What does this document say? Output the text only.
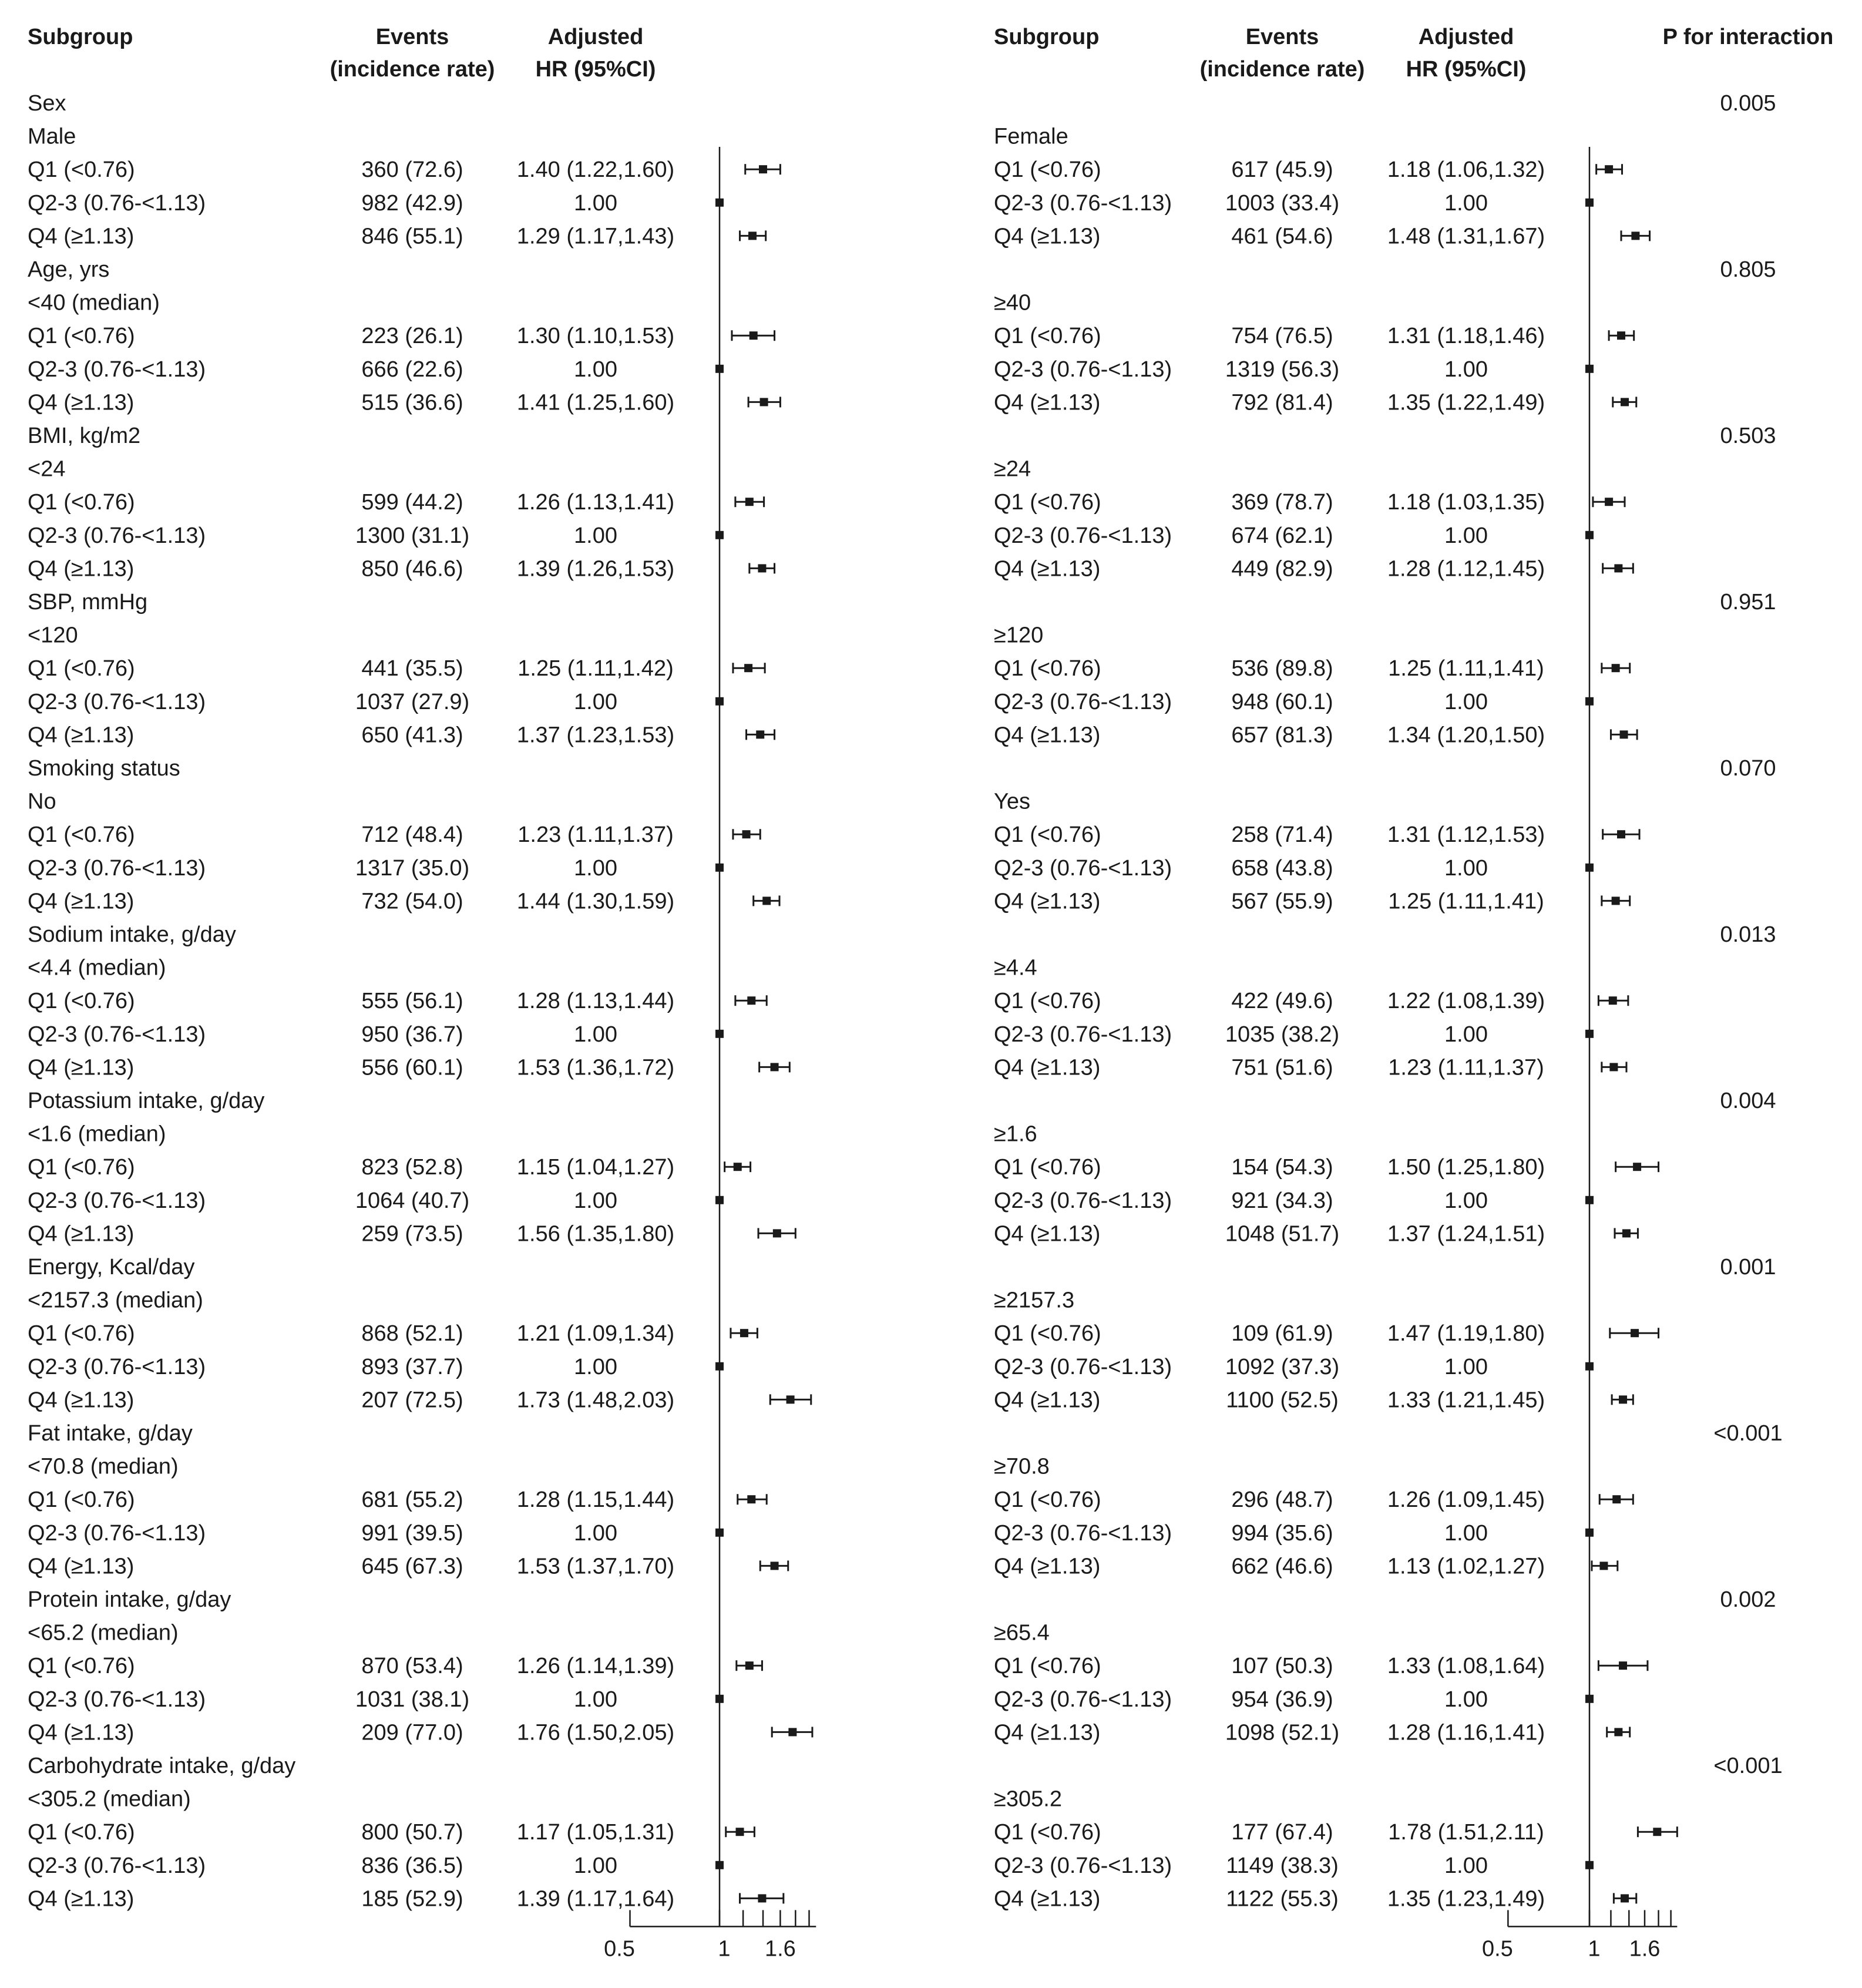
Subgroup	Events
(incidence rate)
Adjusted
HR (95%CI)
Subgroup	Events
(incidence rate)
Adjusted
HR (95%CI)
P for interaction
Sex	0.005
Male	Female
Q1 (<0.76)	360 (72.6) 1.40 (1.22,1.60)	Q1 (<0.76)	617 (45.9) 1.18 (1.06,1.32)
Q2-3 (0.76-<1.13)	982 (42.9)	1.00	Q2-3 (0.76-<1.13) 1003 (33.4)	1.00
Q4 (≥1.13)	846 (55.1) 1.29 (1.17,1.43)	Q4 (≥1.13)	461 (54.6) 1.48 (1.31,1.67)
Age, yrs	0.805
<40 (median)	≥40
Q1 (<0.76)	223 (26.1) 1.30 (1.10,1.53)	Q1 (<0.76)	754 (76.5) 1.31 (1.18,1.46)
Q2-3 (0.76-<1.13)	666 (22.6)	1.00	Q2-3 (0.76-<1.13) 1319 (56.3)	1.00
Q4 (≥1.13)	515 (36.6) 1.41 (1.25,1.60)	Q4 (≥1.13)	792 (81.4) 1.35 (1.22,1.49)
BMI, kg/m2	0.503
<24	≥24
Q1 (<0.76)	599 (44.2) 1.26 (1.13,1.41)	Q1 (<0.76)	369 (78.7) 1.18 (1.03,1.35)
Q2-3 (0.76-<1.13)	1300 (31.1)	1.00	Q2-3 (0.76-<1.13)	674 (62.1)	1.00
Q4 (≥1.13)	850 (46.6) 1.39 (1.26,1.53)	Q4 (≥1.13)	449 (82.9) 1.28 (1.12,1.45)
SBP, mmHg	0.951
<120	≥120
Q1 (<0.76)	441 (35.5) 1.25 (1.11,1.42)	Q1 (<0.76)	536 (89.8) 1.25 (1.11,1.41)
Q2-3 (0.76-<1.13)	1037 (27.9)	1.00	Q2-3 (0.76-<1.13)	948 (60.1)	1.00
Q4 (≥1.13)	650 (41.3) 1.37 (1.23,1.53)	Q4 (≥1.13)	657 (81.3) 1.34 (1.20,1.50)
Smoking status	0.070
No	Yes
Q1 (<0.76)	712 (48.4) 1.23 (1.11,1.37)	Q1 (<0.76)	258 (71.4) 1.31 (1.12,1.53)
Q2-3 (0.76-<1.13)	1317 (35.0)	1.00	Q2-3 (0.76-<1.13)	658 (43.8)	1.00
Q4 (≥1.13)	732 (54.0) 1.44 (1.30,1.59)	Q4 (≥1.13)	567 (55.9) 1.25 (1.11,1.41)
Sodium intake, g/day	0.013
<4.4 (median)	≥4.4
Q1 (<0.76)	555 (56.1) 1.28 (1.13,1.44)	Q1 (<0.76)	422 (49.6) 1.22 (1.08,1.39)
Q2-3 (0.76-<1.13)	950 (36.7)	1.00	Q2-3 (0.76-<1.13) 1035 (38.2)	1.00
Q4 (≥1.13)	556 (60.1) 1.53 (1.36,1.72)	Q4 (≥1.13)	751 (51.6) 1.23 (1.11,1.37)
Potassium intake, g/day	0.004
<1.6 (median)	≥1.6
Q1 (<0.76)	823 (52.8) 1.15 (1.04,1.27)	Q1 (<0.76)	154 (54.3) 1.50 (1.25,1.80)
Q2-3 (0.76-<1.13)	1064 (40.7)	1.00	Q2-3 (0.76-<1.13)	921 (34.3)	1.00
Q4 (≥1.13)	259 (73.5) 1.56 (1.35,1.80)	Q4 (≥1.13)	1048 (51.7) 1.37 (1.24,1.51)
Energy, Kcal/day	0.001
<2157.3 (median)	≥2157.3
Q1 (<0.76)	868 (52.1) 1.21 (1.09,1.34)	Q1 (<0.76)	109 (61.9) 1.47 (1.19,1.80)
Q2-3 (0.76-<1.13)	893 (37.7)	1.00	Q2-3 (0.76-<1.13) 1092 (37.3)	1.00
Q4 (≥1.13)	207 (72.5) 1.73 (1.48,2.03)	Q4 (≥1.13)	1100 (52.5) 1.33 (1.21,1.45)
Fat intake, g/day	<0.001
<70.8 (median)	≥70.8
Q1 (<0.76)	681 (55.2) 1.28 (1.15,1.44)	Q1 (<0.76)	296 (48.7) 1.26 (1.09,1.45)
Q2-3 (0.76-<1.13)	991 (39.5)	1.00	Q2-3 (0.76-<1.13)	994 (35.6)	1.00
Q4 (≥1.13)	645 (67.3) 1.53 (1.37,1.70)	Q4 (≥1.13)	662 (46.6) 1.13 (1.02,1.27)
Protein intake, g/day	0.002
<65.2 (median)	≥65.4
Q1 (<0.76)	870 (53.4) 1.26 (1.14,1.39)	Q1 (<0.76)	107 (50.3) 1.33 (1.08,1.64)
Q2-3 (0.76-<1.13)	1031 (38.1)	1.00	Q2-3 (0.76-<1.13)	954 (36.9)	1.00
Q4 (≥1.13)	209 (77.0) 1.76 (1.50,2.05)	Q4 (≥1.13)	1098 (52.1) 1.28 (1.16,1.41)
Carbohydrate intake, g/day	<0.001
<305.2 (median)	≥305.2
Q1 (<0.76)	800 (50.7) 1.17 (1.05,1.31)	Q1 (<0.76)	177 (67.4) 1.78 (1.51,2.11)
Q2-3 (0.76-<1.13)	836 (36.5)	1.00	Q2-3 (0.76-<1.13) 1149 (38.3)	1.00
Q4 (≥1.13)	185 (52.9) 1.39 (1.17,1.64)	Q4 (≥1.13)	1122 (55.3) 1.35 (1.23,1.49)
0.5	1 1.6	0.5	1 1.6
